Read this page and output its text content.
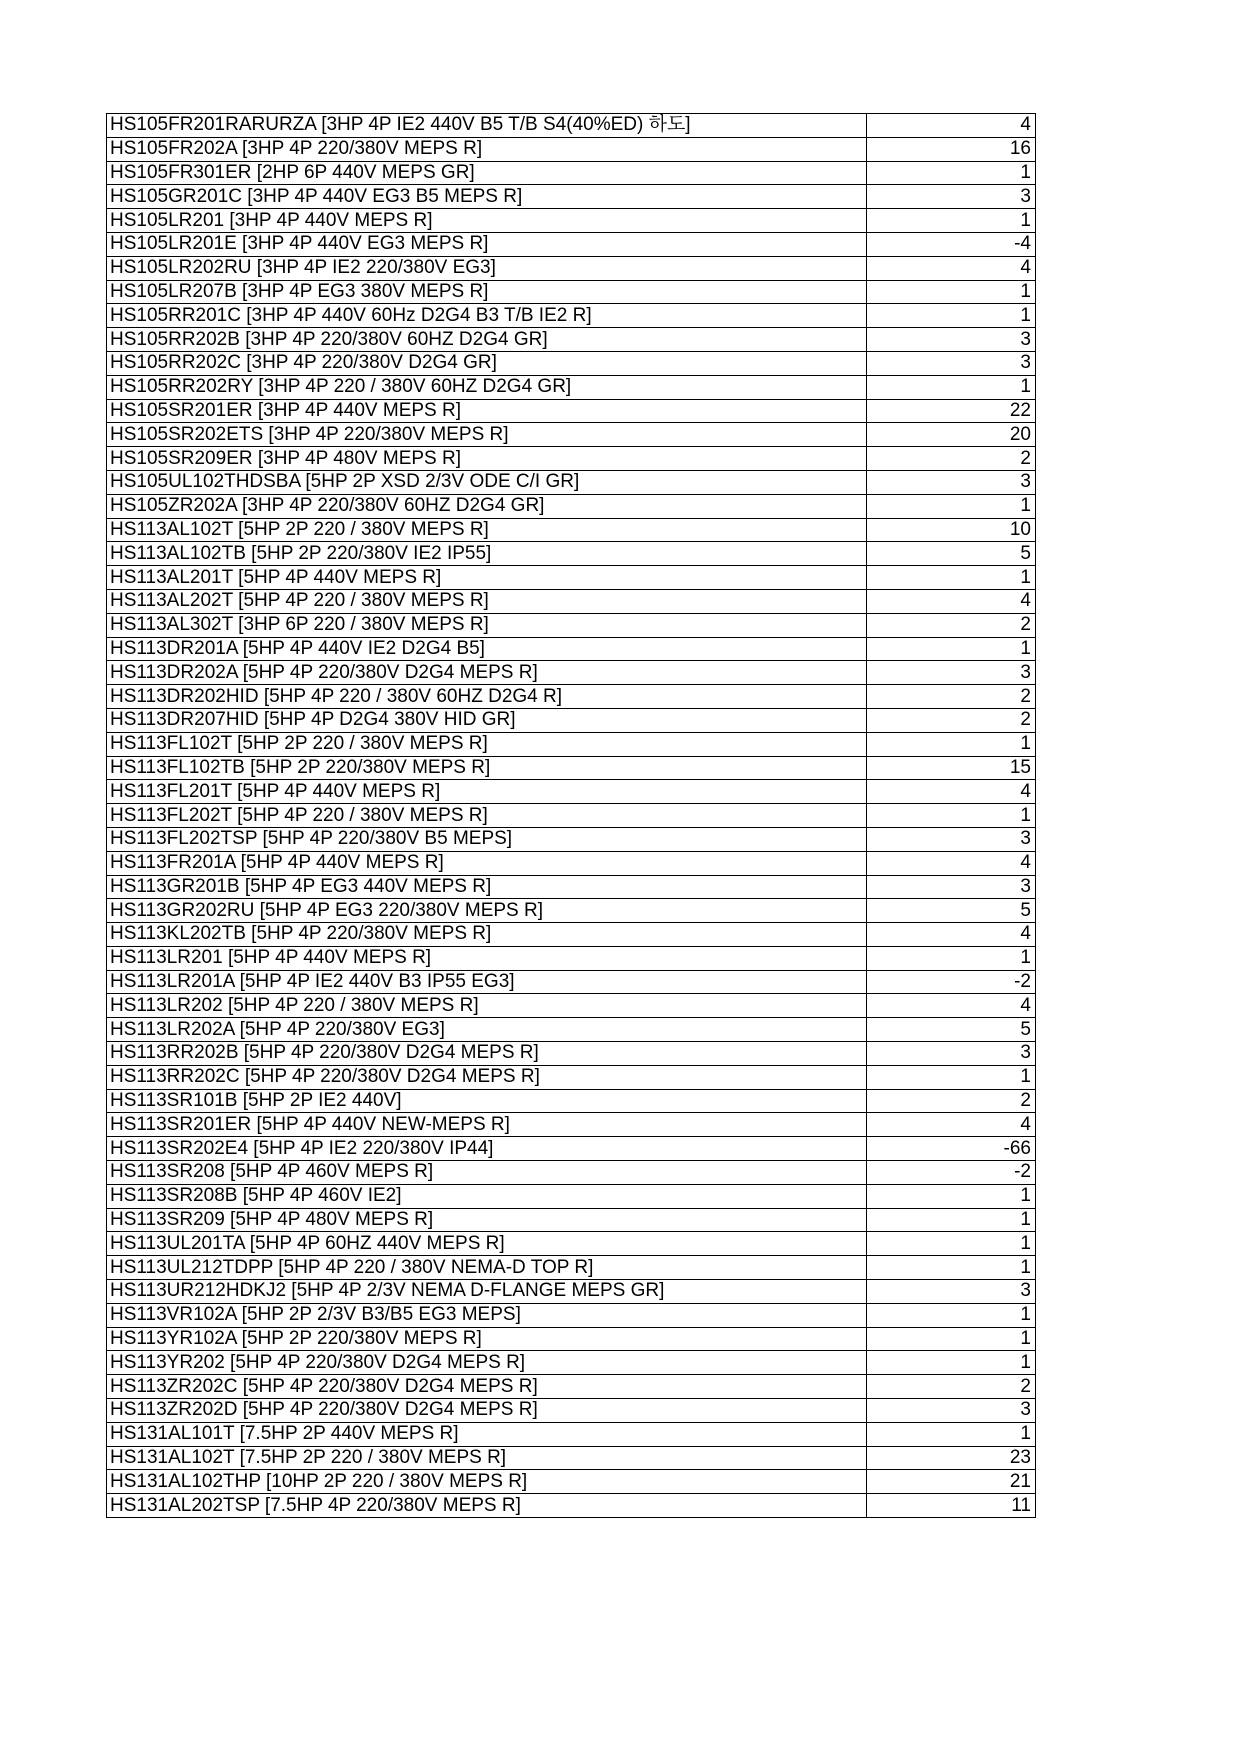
HS105FR201RARURZA [3HP 4P IE2 440V B5 T/B S4(40%ED) 하도]	4
HS105FR202A [3HP 4P 220/380V MEPS R]	16
HS105FR301ER [2HP 6P 440V MEPS GR]	1
HS105GR201C [3HP 4P 440V EG3 B5 MEPS R]	3
HS105LR201 [3HP 4P 440V MEPS R]	1
HS105LR201E [3HP 4P 440V EG3 MEPS R]	-4
HS105LR202RU [3HP 4P IE2 220/380V EG3]	4
HS105LR207B [3HP 4P EG3 380V MEPS R]	1
HS105RR201C [3HP 4P 440V 60Hz D2G4 B3 T/B IE2 R]	1
HS105RR202B [3HP 4P 220/380V 60HZ D2G4 GR]	3
HS105RR202C [3HP 4P 220/380V D2G4 GR]	3
HS105RR202RY [3HP 4P 220 / 380V 60HZ D2G4 GR]	1
HS105SR201ER [3HP 4P 440V MEPS R]	22
HS105SR202ETS [3HP 4P 220/380V MEPS R]	20
HS105SR209ER [3HP 4P 480V MEPS R]	2
HS105UL102THDSBA [5HP 2P XSD 2/3V ODE C/I GR]	3
HS105ZR202A [3HP 4P 220/380V 60HZ D2G4 GR]	1
HS113AL102T [5HP 2P 220 / 380V MEPS R]	10
HS113AL102TB [5HP 2P 220/380V IE2 IP55]	5
HS113AL201T [5HP 4P 440V MEPS R]	1
HS113AL202T [5HP 4P 220 / 380V MEPS R]	4
HS113AL302T [3HP 6P 220 / 380V MEPS R]	2
HS113DR201A [5HP 4P 440V IE2 D2G4 B5]	1
HS113DR202A [5HP 4P 220/380V D2G4 MEPS R]	3
HS113DR202HID [5HP 4P 220 / 380V 60HZ D2G4 R]	2
HS113DR207HID [5HP 4P D2G4 380V HID GR]	2
HS113FL102T [5HP 2P 220 / 380V MEPS R]	1
HS113FL102TB [5HP 2P 220/380V MEPS R]	15
HS113FL201T [5HP 4P 440V MEPS R]	4
HS113FL202T [5HP 4P 220 / 380V MEPS R]	1
HS113FL202TSP [5HP 4P 220/380V B5 MEPS]	3
HS113FR201A [5HP 4P 440V MEPS R]	4
HS113GR201B [5HP 4P EG3 440V MEPS R]	3
HS113GR202RU [5HP 4P EG3 220/380V MEPS R]	5
HS113KL202TB [5HP 4P 220/380V MEPS R]	4
HS113LR201 [5HP 4P 440V MEPS R]	1
HS113LR201A [5HP 4P IE2 440V B3 IP55 EG3]	-2
HS113LR202 [5HP 4P 220 / 380V MEPS R]	4
HS113LR202A [5HP 4P 220/380V EG3]	5
HS113RR202B [5HP 4P 220/380V D2G4 MEPS R]	3
HS113RR202C [5HP 4P 220/380V D2G4 MEPS R]	1
HS113SR101B [5HP 2P IE2 440V]	2
HS113SR201ER [5HP 4P 440V NEW-MEPS R]	4
HS113SR202E4 [5HP 4P IE2 220/380V IP44]	-66
HS113SR208 [5HP 4P 460V MEPS R]	-2
HS113SR208B [5HP 4P 460V IE2]	1
HS113SR209 [5HP 4P 480V MEPS R]	1
HS113UL201TA [5HP 4P 60HZ 440V MEPS R]	1
HS113UL212TDPP [5HP 4P 220 / 380V NEMA-D TOP R]	1
HS113UR212HDKJ2 [5HP 4P 2/3V NEMA D-FLANGE MEPS GR]	3
HS113VR102A [5HP 2P 2/3V B3/B5 EG3 MEPS]	1
HS113YR102A [5HP 2P 220/380V MEPS R]	1
HS113YR202 [5HP 4P 220/380V D2G4 MEPS R]	1
HS113ZR202C [5HP 4P 220/380V D2G4 MEPS R]	2
HS113ZR202D [5HP 4P 220/380V D2G4 MEPS R]	3
HS131AL101T [7.5HP 2P 440V MEPS R]	1
HS131AL102T [7.5HP 2P 220 / 380V MEPS R]	23
HS131AL102THP [10HP 2P 220 / 380V MEPS R]	21
HS131AL202TSP [7.5HP 4P 220/380V MEPS R]	11
